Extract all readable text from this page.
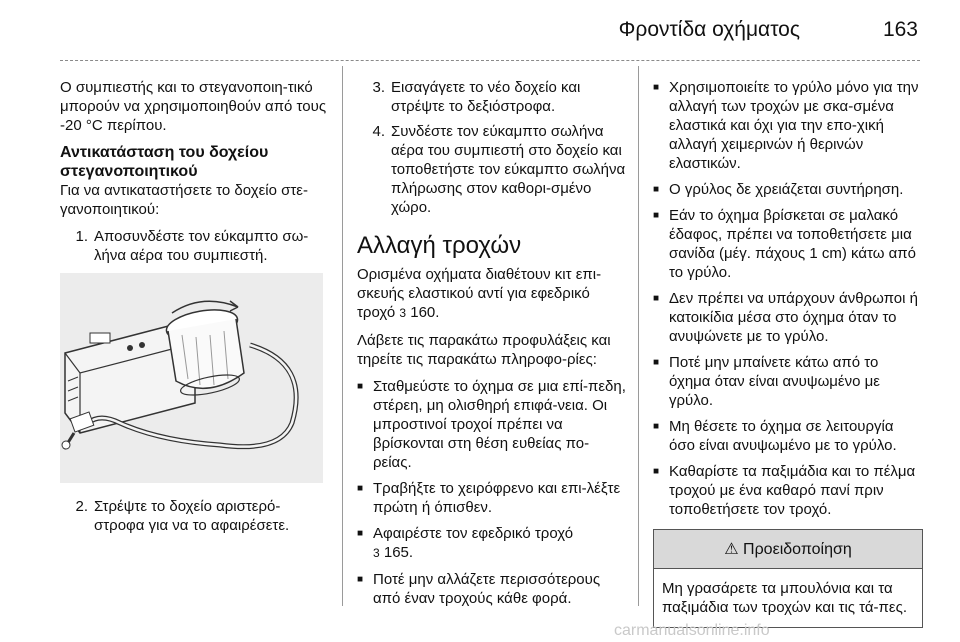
Φροντίδα οχήματος	163

Ο συμπιεστής και το στεγανοποιη-τικό μπορούν να χρησιμοποιηθούν από τους -20 °C περίπου.

Αντικατάσταση του δοχείου στεγανοποιητικού

Για να αντικαταστήσετε το δοχείο στε-γανοποιητικού:

1. Αποσυνδέστε τον εύκαμπτο σω-λήνα αέρα του συμπιεστή.
2. Στρέψτε το δοχείο αριστερό-στροφα για να το αφαιρέσετε.
3. Εισαγάγετε το νέο δοχείο και στρέψτε το δεξιόστροφα.
4. Συνδέστε τον εύκαμπτο σωλήνα αέρα του συμπιεστή στο δοχείο και τοποθετήστε τον εύκαμπτο σωλήνα πλήρωσης στον καθορι-σμένο χώρο.
Αλλαγή τροχών

Ορισμένα οχήματα διαθέτουν κιτ επι-σκευής ελαστικού αντί για εφεδρικό τροχό 3 160.

Λάβετε τις παρακάτω προφυλάξεις και τηρείτε τις παρακάτω πληροφο-ρίες:

■ Σταθμεύστε το όχημα σε μια επί-πεδη, στέρεη, μη ολισθηρή επιφά-νεια. Οι μπροστινοί τροχοί πρέπει να βρίσκονται στη θέση ευθείας πο-ρείας.
■ Τραβήξτε το χειρόφρενο και επι-λέξτε πρώτη ή όπισθεν.
■ Αφαιρέστε τον εφεδρικό τροχό
3 165.
■ Ποτέ μην αλλάζετε περισσότερους από έναν τροχούς κάθε φορά.
■ Χρησιμοποιείτε το γρύλο μόνο για την αλλαγή των τροχών με σκα-σμένα ελαστικά και όχι για την επο-χική αλλαγή χειμερινών ή θερινών ελαστικών.
■ Ο γρύλος δε χρειάζεται συντήρηση.
■ Εάν το όχημα βρίσκεται σε μαλακό έδαφος, πρέπει να τοποθετήσετε μια σανίδα (μέγ. πάχους 1 cm) κάτω από το γρύλο.
■ Δεν πρέπει να υπάρχουν άνθρωποι ή κατοικίδια μέσα στο όχημα όταν το ανυψώνετε με το γρύλο.
■ Ποτέ μην μπαίνετε κάτω από το όχημα όταν είναι ανυψωμένο με γρύλο.
■ Μη θέσετε το όχημα σε λειτουργία όσο είναι ανυψωμένο με το γρύλο.
■ Καθαρίστε τα παξιμάδια και το πέλμα τροχού με ένα καθαρό πανί πριν τοποθετήσετε τον τροχό.
⚠ Προειδοποίηση
Μη γρασάρετε τα μπουλόνια και τα παξιμάδια των τροχών και τις τά-πες.
carmanualsonline.info
